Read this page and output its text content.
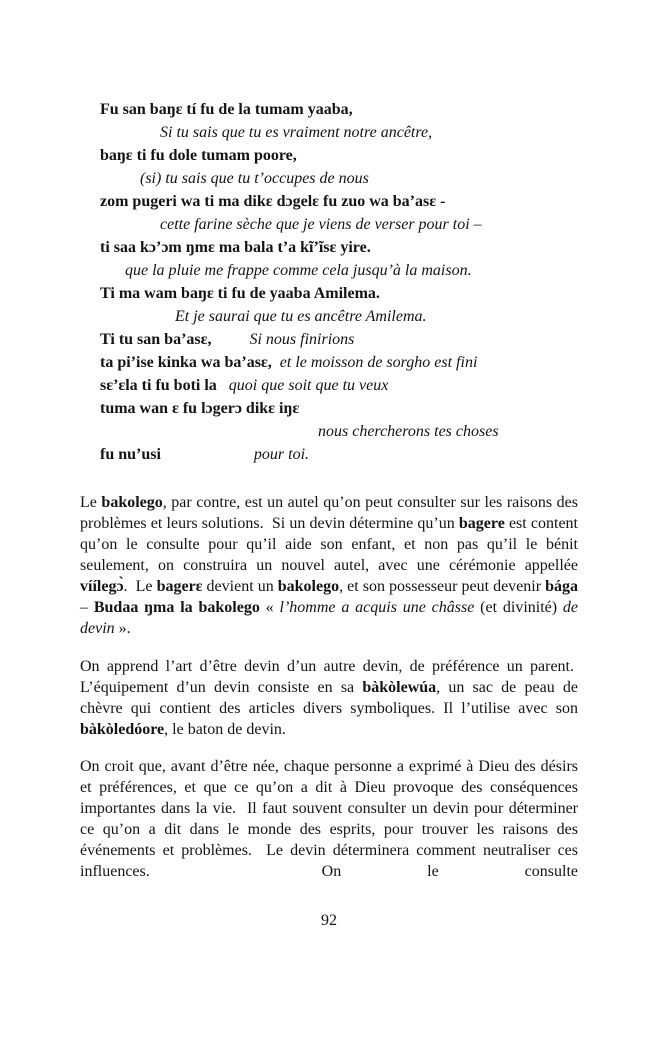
Fu san baŋɛ tí fu de la tumam yaaba,
Si tu sais que tu es vraiment notre ancêtre,
baŋɛ ti fu dole tumam poore,
(si) tu sais que tu t’occupes de nous
zom pugeri wa ti ma dikɛ dɔgelɛ fu zuo wa ba’asɛ -
cette farine sèche que je viens de verser pour toi –
ti saa kɔ’ɔm ŋmɛ ma bala t’a kĩ’ĩsɛ yire.
que la pluie me frappe comme cela jusqu’à la maison.
Ti ma wam baŋɛ ti fu de yaaba Amilema.
Et je saurai que tu es ancêtre Amilema.
Ti tu san ba’asɛ, Si nous finirions
ta pi’ise kinka wa ba’asɛ, et le moisson de sorgho est fini
sɛ’ɛla ti fu boti la quoi que soit que tu veux
tuma wan ɛ fu lɔgerɔ dikɛ iŋɛ
nous chercherons tes choses
fu nu’usi	pour toi.

Le bakolego, par contre, est un autel qu’on peut consulter sur les raisons des problèmes et leurs solutions.  Si un devin détermine qu’un bagere est content qu’on le consulte pour qu’il aide son enfant, et non pas qu’il le bénit seulement, on construira un nouvel autel, avec une cérémonie appellée víílegɔ̀.  Le bagerɛ devient un bakolego, et son possesseur peut devenir bága – Budaa ŋma la bakolego « l’homme a acquis une châsse (et divinité) de devin ».

On apprend l’art d’être devin d’un autre devin, de préférence un parent.  L’équipement d’un devin consiste en sa bàkòlewúa, un sac de peau de chèvre qui contient des articles divers symboliques. Il l’utilise avec son bàkòledóore, le baton de devin.

On croit que, avant d’être née, chaque personne a exprimé à Dieu des désirs et préférences, et que ce qu’on a dit à Dieu provoque des conséquences importantes dans la vie.  Il faut souvent consulter un devin pour déterminer ce qu’on a dit dans le monde des esprits, pour trouver les raisons des événements et problèmes.  Le devin déterminera comment neutraliser ces influences.  On le consulte

92
